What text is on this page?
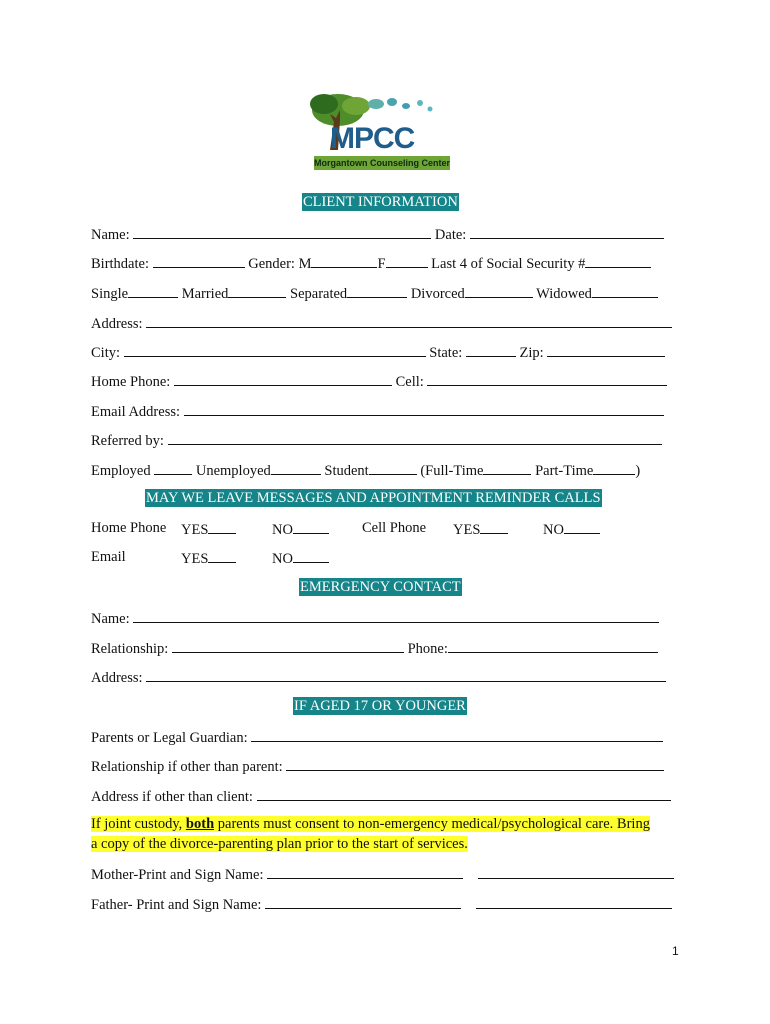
MPCC
Morgantown Counseling Center
CLIENT INFORMATION
Name:	Date:
Birthdate:	Gender: M	F	Last 4 of Social Security #
Single	Married	Separated	Divorced	Widowed
Address:
City:	State:	Zip:
Home Phone:	Cell:
Email Address:
Referred by:
Employed	Unemployed	Student	(Full-Time	Part-Time	)
MAY WE LEAVE MESSAGES AND APPOINTMENT REMINDER CALLS
Home Phone YES	NO	Cell Phone YES	NO
Email	YES	NO
EMERGENCY CONTACT
Name:
Relationship:	Phone:
Address:
IF AGED 17 OR YOUNGER
Parents or Legal Guardian:
Relationship if other than parent:
Address if other than client:
If joint custody, both parents must consent to non-emergency medical/psychological care. Bring
a copy of the divorce-parenting plan prior to the start of services.
Mother-Print and Sign Name:
Father- Print and Sign Name:
1
